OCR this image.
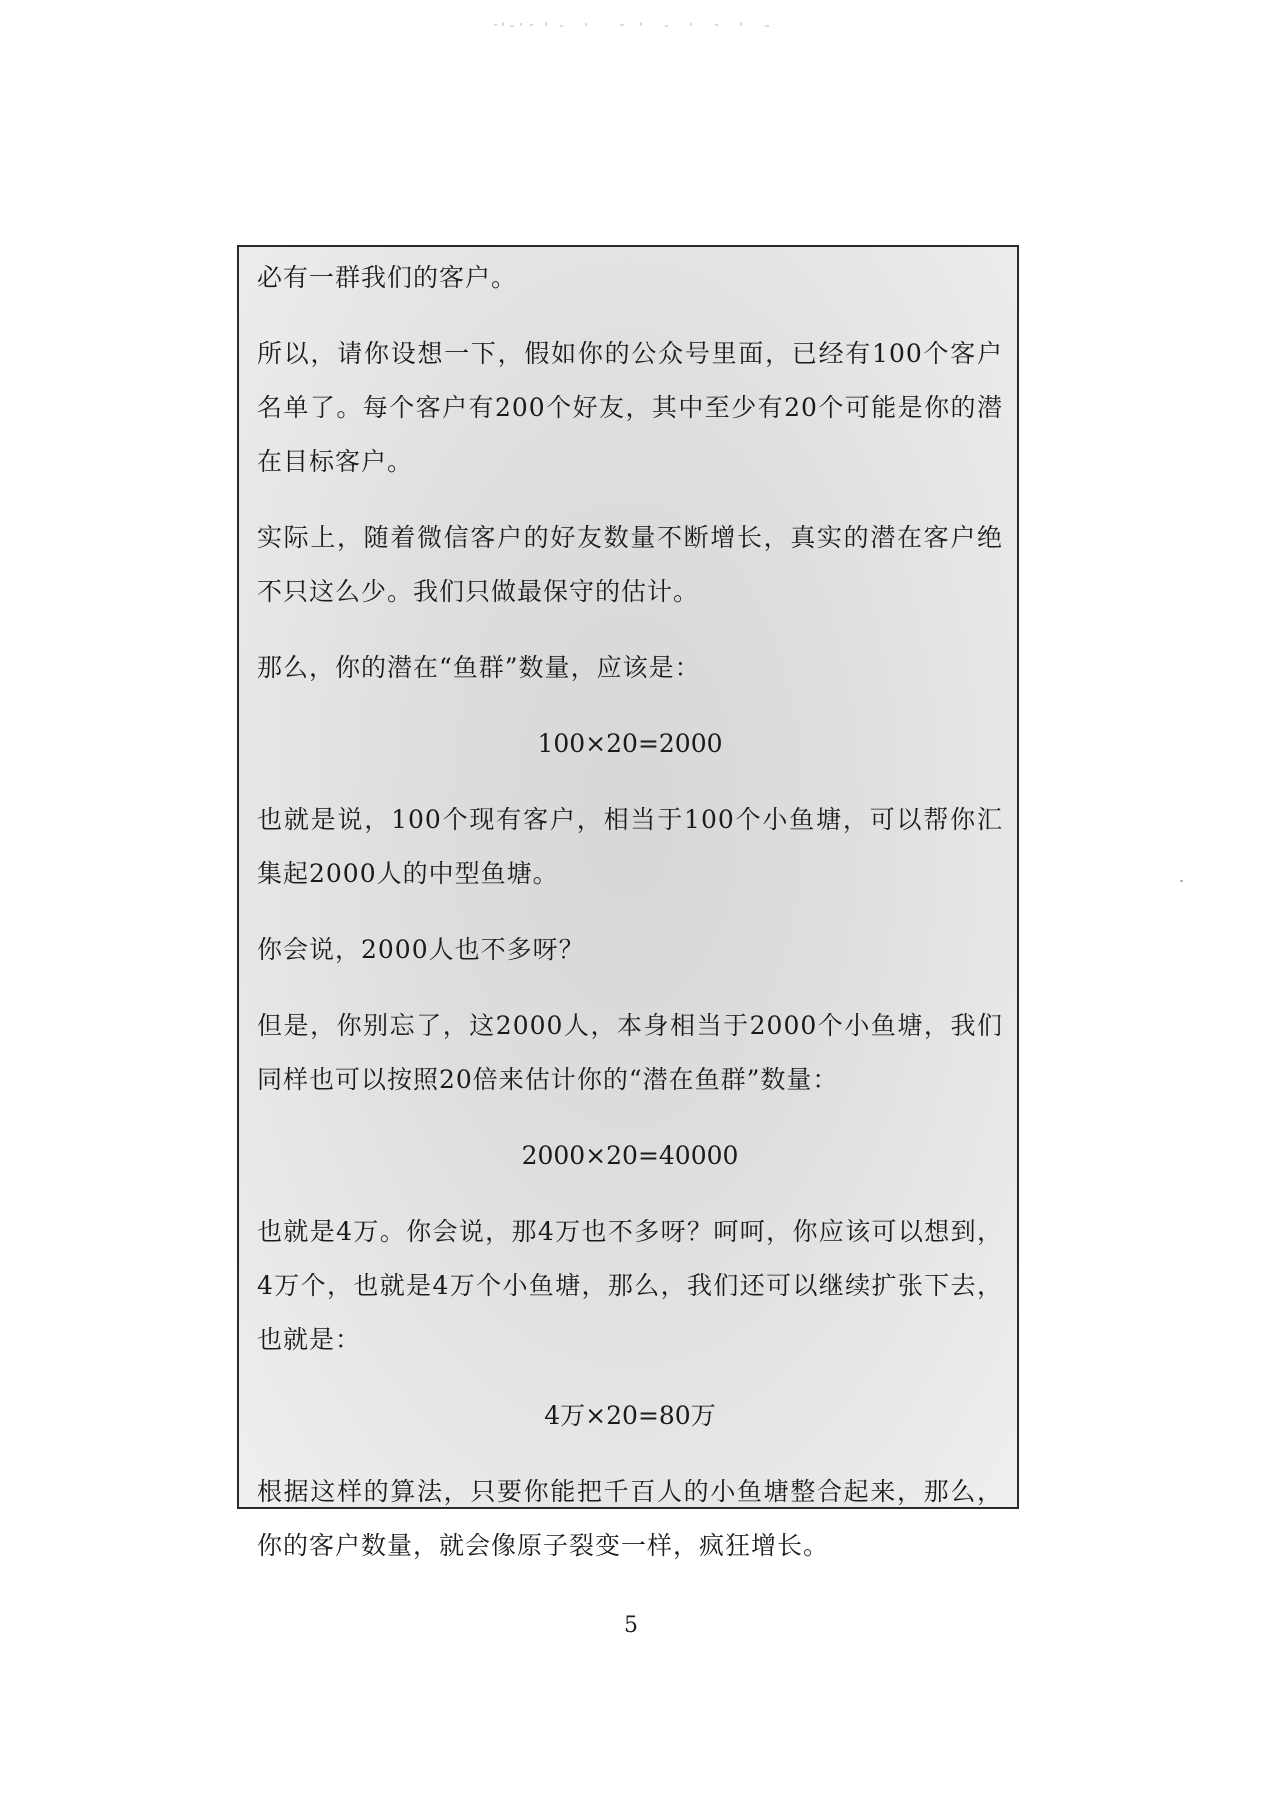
必有一群我们的客户。

所以，请你设想一下，假如你的公众号里面，已经有100个客户名单了。每个客户有200个好友，其中至少有20个可能是你的潜在目标客户。

实际上，随着微信客户的好友数量不断增长，真实的潜在客户绝不只这么少。我们只做最保守的估计。

那么，你的潜在“鱼群”数量，应该是：

100×20=2000

也就是说，100个现有客户，相当于100个小鱼塘，可以帮你汇集起2000人的中型鱼塘。

你会说，2000人也不多呀？

但是，你别忘了，这2000人，本身相当于2000个小鱼塘，我们同样也可以按照20倍来估计你的“潜在鱼群”数量：

2000×20=40000

也就是4万。你会说，那4万也不多呀？呵呵，你应该可以想到，4万个，也就是4万个小鱼塘，那么，我们还可以继续扩张下去，也就是：

4万×20=80万

根据这样的算法，只要你能把千百人的小鱼塘整合起来，那么，你的客户数量，就会像原子裂变一样，疯狂增长。

5
